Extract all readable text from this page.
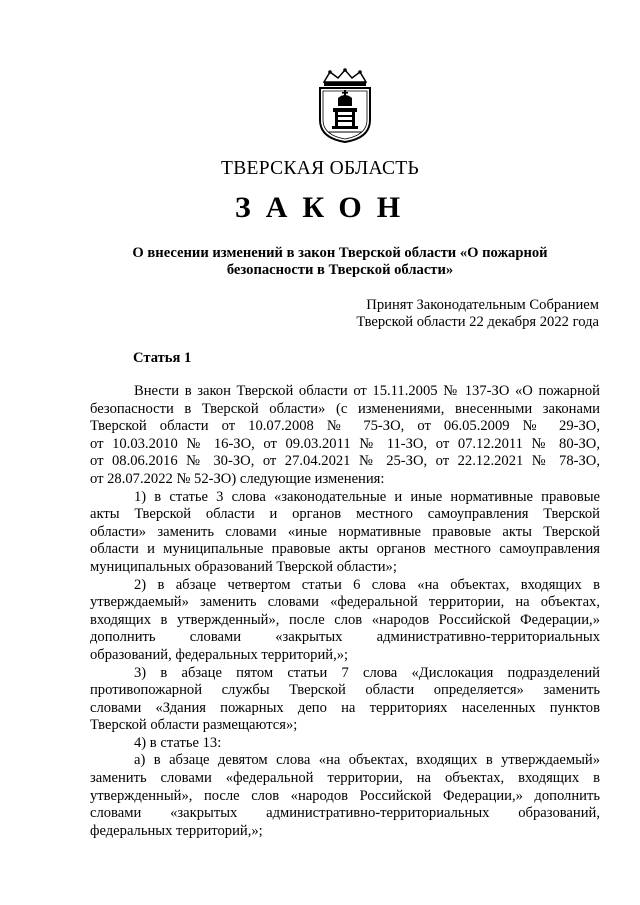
ТВЕРСКАЯ ОБЛАСТЬ
ЗАКОН
О внесении изменений в закон Тверской области «О пожарной
безопасности в Тверской области»
Принят Законодательным Собранием
Тверской области 22 декабря 2022 года
Статья 1
Внести в закон Тверской области от 15.11.2005 № 137-ЗО «О пожарной
безопасности в Тверской области» (с изменениями, внесенными законами
Тверской области от 10.07.2008 № 75-ЗО, от 06.05.2009 № 29-ЗО,
от 10.03.2010 № 16-ЗО, от 09.03.2011 № 11-ЗО, от 07.12.2011 № 80-ЗО,
от 08.06.2016 № 30-ЗО, от 27.04.2021 № 25-ЗО, от 22.12.2021 № 78-ЗО,
от 28.07.2022 № 52-ЗО) следующие изменения:
1) в статье 3 слова «законодательные и иные нормативные правовые
акты Тверской области и органов местного самоуправления Тверской
области» заменить словами «иные нормативные правовые акты Тверской
области и муниципальные правовые акты органов местного самоуправления
муниципальных образований Тверской области»;
2) в абзаце четвертом статьи 6 слова «на объектах, входящих в
утверждаемый» заменить словами «федеральной территории, на объектах,
входящих в утвержденный», после слов «народов Российской Федерации,»
дополнить словами «закрытых административно-территориальных
образований, федеральных территорий,»;
3) в абзаце пятом статьи 7 слова «Дислокация подразделений
противопожарной службы Тверской области определяется» заменить
словами «Здания пожарных депо на территориях населенных пунктов
Тверской области размещаются»;
4) в статье 13:
а) в абзаце девятом слова «на объектах, входящих в утверждаемый»
заменить словами «федеральной территории, на объектах, входящих в
утвержденный», после слов «народов Российской Федерации,» дополнить
словами «закрытых административно-территориальных образований,
федеральных территорий,»;
